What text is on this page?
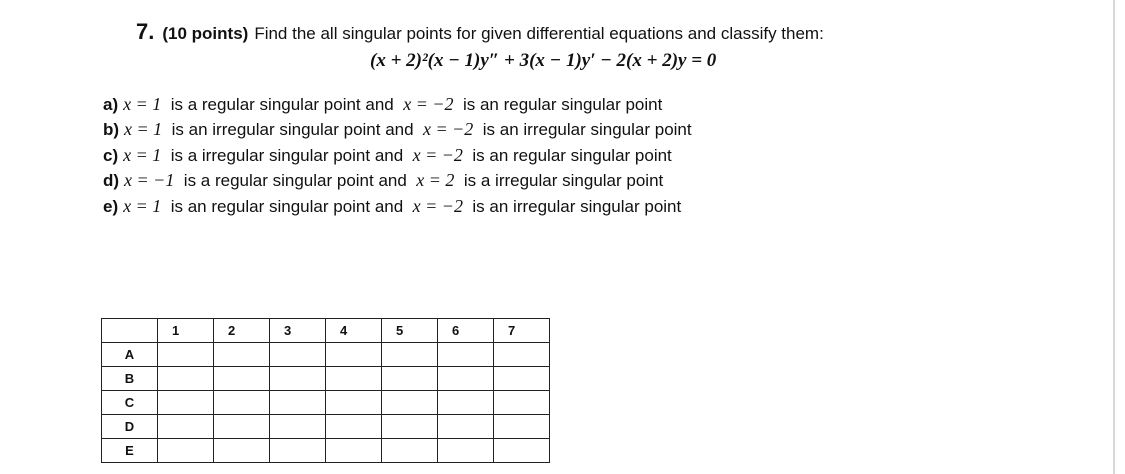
7. (10 points) Find the all singular points for given differential equations and classify them:
(x + 2)²(x − 1)y″ + 3(x − 1)y′ − 2(x + 2)y = 0
a) x = 1 is a regular singular point and x = −2 is an regular singular point
b) x = 1 is an irregular singular point and x = −2 is an irregular singular point
c) x = 1 is a irregular singular point and x = −2 is an regular singular point
d) x = −1 is a regular singular point and x = 2 is a irregular singular point
e) x = 1 is an regular singular point and x = −2 is an irregular singular point
	1	2	3	4	5	6	7
A							
B							
C							
D							
E							
